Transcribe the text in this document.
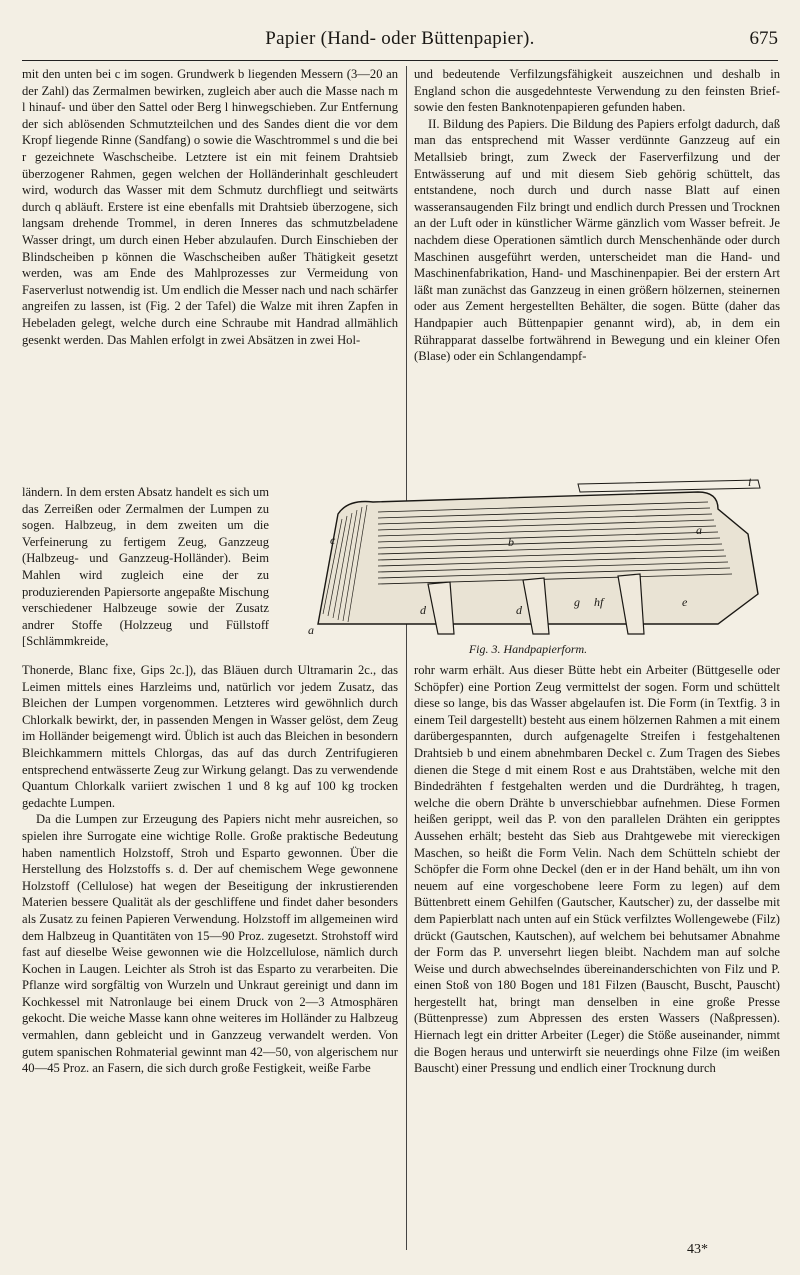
Papier (Hand- oder Büttenpapier).	675

mit den unten bei c im sogen. Grundwerk b liegenden Messern (3—20 an der Zahl) das Zermalmen bewirken, zugleich aber auch die Masse nach m l hinauf- und über den Sattel oder Berg l hinwegschieben. Zur Entfernung der sich ablösenden Schmutzteilchen und des Sandes dient die vor dem Kropf liegende Rinne (Sandfang) o sowie die Waschtrommel s und die bei r gezeichnete Waschscheibe. Letztere ist ein mit feinem Drahtsieb überzogener Rahmen, gegen welchen der Holländerinhalt geschleudert wird, wodurch das Wasser mit dem Schmutz durchfliegt und seitwärts durch q abläuft. Erstere ist eine ebenfalls mit Drahtsieb überzogene, sich langsam drehende Trommel, in deren Inneres das schmutzbeladene Wasser dringt, um durch einen Heber abzulaufen. Durch Einschieben der Blindscheiben p können die Waschscheiben außer Thätigkeit gesetzt werden, was am Ende des Mahlprozesses zur Vermeidung von Faserverlust notwendig ist. Um endlich die Messer nach und nach schärfer angreifen zu lassen, ist (Fig. 2 der Tafel) die Walze mit ihren Zapfen in Hebeladen gelegt, welche durch eine Schraube mit Handrad allmählich gesenkt werden. Das Mahlen erfolgt in zwei Absätzen in zwei Hol-

ländern. In dem ersten Absatz handelt es sich um das Zerreißen oder Zermalmen der Lumpen zu sogen. Halbzeug, in dem zweiten um die Verfeinerung zu fertigem Zeug, Ganzzeug (Halbzeug- und Ganzzeug-Holländer). Beim Mahlen wird zugleich eine der zu produzierenden Papiersorte angepaßte Mischung verschiedener Halbzeuge sowie der Zusatz andrer Stoffe (Holzzeug und Füllstoff [Schlämmkreide,

Thonerde, Blanc fixe, Gips 2c.]), das Bläuen durch Ultramarin 2c., das Leimen mittels eines Harzleims und, natürlich vor jedem Zusatz, das Bleichen der Lumpen vorgenommen. Letzteres wird gewöhnlich durch Chlorkalk bewirkt, der, in passenden Mengen in Wasser gelöst, dem Zeug im Holländer beigemengt wird. Üblich ist auch das Bleichen in besondern Bleichkammern mittels Chlorgas, das auf das durch Zentrifugieren entsprechend entwässerte Zeug zur Wirkung gelangt. Das zu verwendende Quantum Chlorkalk variiert zwischen 1 und 8 kg auf 100 kg trocken gedachte Lumpen.

Da die Lumpen zur Erzeugung des Papiers nicht mehr ausreichen, so spielen ihre Surrogate eine wichtige Rolle. Große praktische Bedeutung haben namentlich Holzstoff, Stroh und Esparto gewonnen. Über die Herstellung des Holzstoffs s. d. Der auf chemischem Wege gewonnene Holzstoff (Cellulose) hat wegen der Beseitigung der inkrustierenden Materien bessere Qualität als der geschliffene und findet daher besonders als Zusatz zu feinen Papieren Verwendung. Holzstoff im allgemeinen wird dem Halbzeug in Quantitäten von 15—90 Proz. zugesetzt. Strohstoff wird fast auf dieselbe Weise gewonnen wie die Holzcellulose, nämlich durch Kochen in Laugen. Leichter als Stroh ist das Esparto zu verarbeiten. Die Pflanze wird sorgfältig von Wurzeln und Unkraut gereinigt und dann im Kochkessel mit Natronlauge bei einem Druck von 2—3 Atmosphären gekocht. Die weiche Masse kann ohne weiteres im Holländer zu Halbzeug vermahlen, dann gebleicht und in Ganzzeug verwandelt werden. Von gutem spanischen Rohmaterial gewinnt man 42—50, von algerischem nur 40—45 Proz. an Fasern, die sich durch große Festigkeit, weiße Farbe

und bedeutende Verfilzungsfähigkeit auszeichnen und deshalb in England schon die ausgedehnteste Verwendung zu den feinsten Brief- sowie den festen Banknotenpapieren gefunden haben.

II. Bildung des Papiers. Die Bildung des Papiers erfolgt dadurch, daß man das entsprechend mit Wasser verdünnte Ganzzeug auf ein Metallsieb bringt, zum Zweck der Faserverfilzung und der Entwässerung auf und mit diesem Sieb gehörig schüttelt, das entstandene, noch durch und durch nasse Blatt auf einen wasseransaugenden Filz bringt und endlich durch Pressen und Trocknen an der Luft oder in künstlicher Wärme gänzlich vom Wasser befreit. Je nachdem diese Operationen sämtlich durch Menschenhände oder durch Maschinen ausgeführt werden, unterscheidet man die Hand- und Maschinenfabrikation, Hand- und Maschinenpapier. Bei der erstern Art läßt man zunächst das Ganzzeug in einen größern hölzernen, steinernen oder aus Zement hergestellten Behälter, die sogen. Bütte (daher das Handpapier auch Büttenpapier genannt wird), ab, in dem ein Rührapparat dasselbe fortwährend in Bewegung und ein kleiner Ofen (Blase) oder ein Schlangendampf-

a
a
b
c
d	d
e
f
g h
i
Fig. 3. Handpapierform.

rohr warm erhält. Aus dieser Bütte hebt ein Arbeiter (Büttgeselle oder Schöpfer) eine Portion Zeug vermittelst der sogen. Form und schüttelt diese so lange, bis das Wasser abgelaufen ist. Die Form (in Textfig. 3 in einem Teil dargestellt) besteht aus einem hölzernen Rahmen a mit einem darübergespannten, durch aufgenagelte Streifen i festgehaltenen Drahtsieb b und einem abnehmbaren Deckel c. Zum Tragen des Siebes dienen die Stege d mit einem Rost e aus Drahtstäben, welche mit den Bindedrähten f festgehalten werden und die Durdrähteg, h tragen, welche die obern Drähte b unverschiebbar aufnehmen. Diese Formen heißen gerippt, weil das P. von den parallelen Drähten ein geripptes Aussehen erhält; besteht das Sieb aus Drahtgewebe mit viereckigen Maschen, so heißt die Form Velin. Nach dem Schütteln schiebt der Schöpfer die Form ohne Deckel (den er in der Hand behält, um ihn von neuem auf eine vorgeschobene leere Form zu legen) auf dem Büttenbrett einem Gehilfen (Gautscher, Kautscher) zu, der dasselbe mit dem Papierblatt nach unten auf ein Stück verfilztes Wollengewebe (Filz) drückt (Gautschen, Kautschen), auf welchem bei behutsamer Abnahme der Form das P. unversehrt liegen bleibt. Nachdem man auf solche Weise und durch abwechselndes übereinanderschichten von Filz und P. einen Stoß von 180 Bogen und 181 Filzen (Bauscht, Buscht, Pauscht) hergestellt hat, bringt man denselben in eine große Presse (Büttenpresse) zum Abpressen des ersten Wassers (Naßpressen). Hiernach legt ein dritter Arbeiter (Leger) die Stöße auseinander, nimmt die Bogen heraus und unterwirft sie neuerdings ohne Filze (im weißen Bauscht) einer Pressung und endlich einer Trocknung durch

43*
